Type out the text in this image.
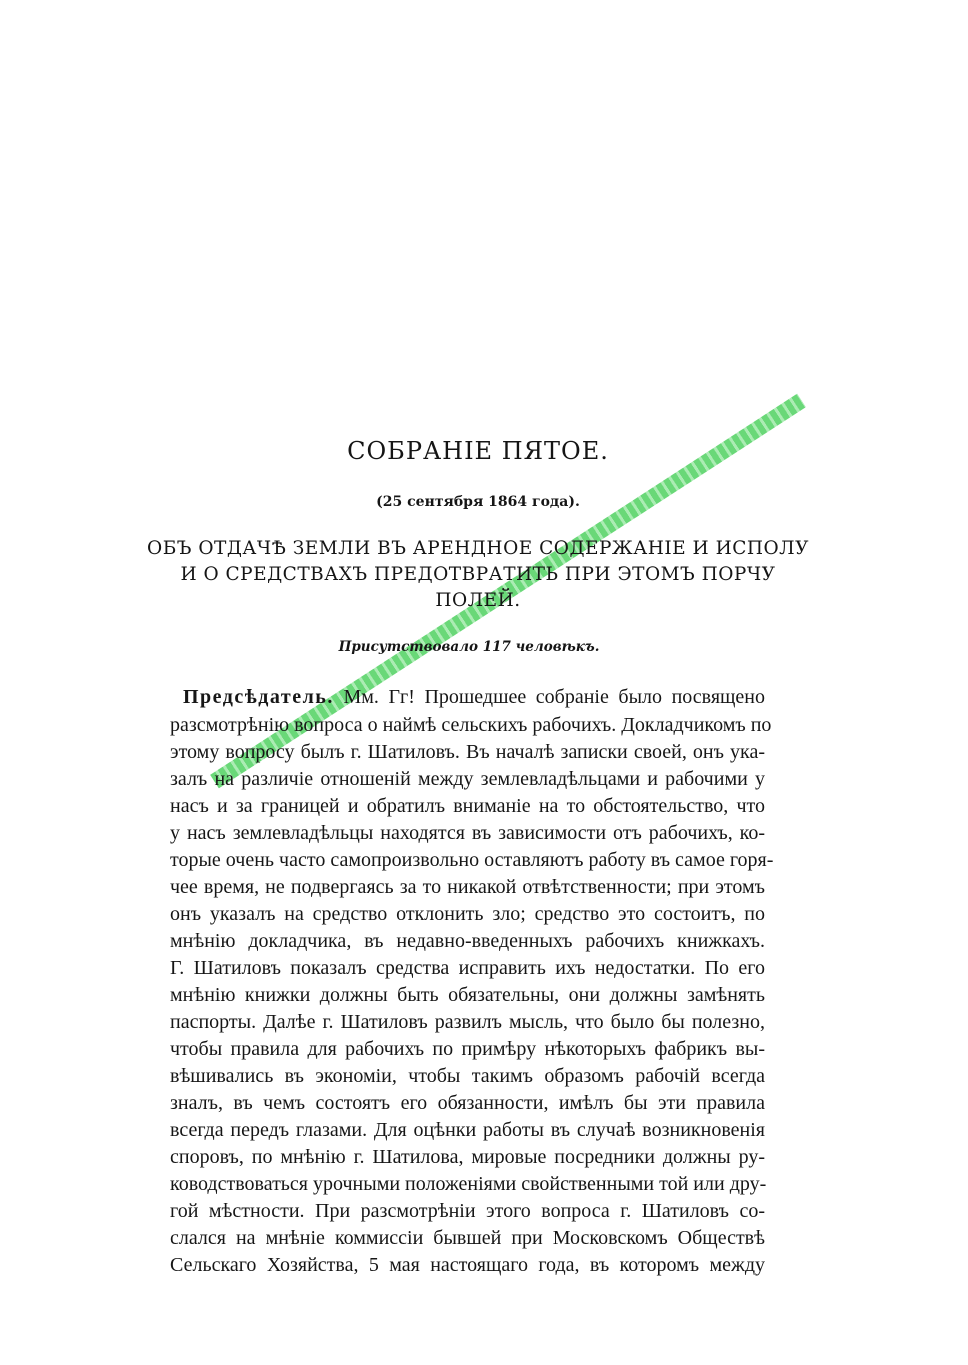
СОБРАНІЕ ПЯТОЕ.
(25 сентября 1864 года).
ОБЪ ОТДАЧѢ ЗЕМЛИ ВЪ АРЕНДНОЕ СОДЕРЖАНІЕ И ИСПОЛУ
И О СРЕДСТВАХЪ ПРЕДОТВРАТИТЬ ПРИ ЭТОМЪ ПОРЧУ
ПОЛЕЙ.
Присутствовало 117 человѣкъ.
Предсѣдатель. Мм. Гг! Прошедшее собраніе было посвящено
разсмотрѣнію вопроса о наймѣ сельскихъ рабочихъ. Докладчикомъ по
этому вопросу былъ г. Шатиловъ. Въ началѣ записки своей, онъ ука-
залъ на различіе отношеній между землевладѣльцами и рабочими у
насъ и за границей и обратилъ вниманіе на то обстоятельство, что
у насъ землевладѣльцы находятся въ зависимости отъ рабочихъ, ко-
торые очень часто самопроизвольно оставляютъ работу въ самое горя-
чее время, не подвергаясь за то никакой отвѣтственности; при этомъ
онъ указалъ на средство отклонить зло; средство это состоитъ, по
мнѣнію докладчика, въ недавно-введенныхъ рабочихъ книжкахъ.
Г. Шатиловъ показалъ средства исправить ихъ недостатки. По его
мнѣнію книжки должны быть обязательны, они должны замѣнять
паспорты. Далѣе г. Шатиловъ развилъ мысль, что было бы полезно,
чтобы правила для рабочихъ по примѣру нѣкоторыхъ фабрикъ вы-
вѣшивались въ экономіи, чтобы такимъ образомъ рабочій всегда
зналъ, въ чемъ состоятъ его обязанности, имѣлъ бы эти правила
всегда передъ глазами. Для оцѣнки работы въ случаѣ возникновенія
споровъ, по мнѣнію г. Шатилова, мировые посредники должны ру-
ководствоваться урочными положеніями свойственными той или дру-
гой мѣстности. При разсмотрѣніи этого вопроса г. Шатиловъ со-
слался на мнѣніе коммиссіи бывшей при Московскомъ Обществѣ
Сельскаго Хозяйства, 5 мая настоящаго года, въ которомъ между
